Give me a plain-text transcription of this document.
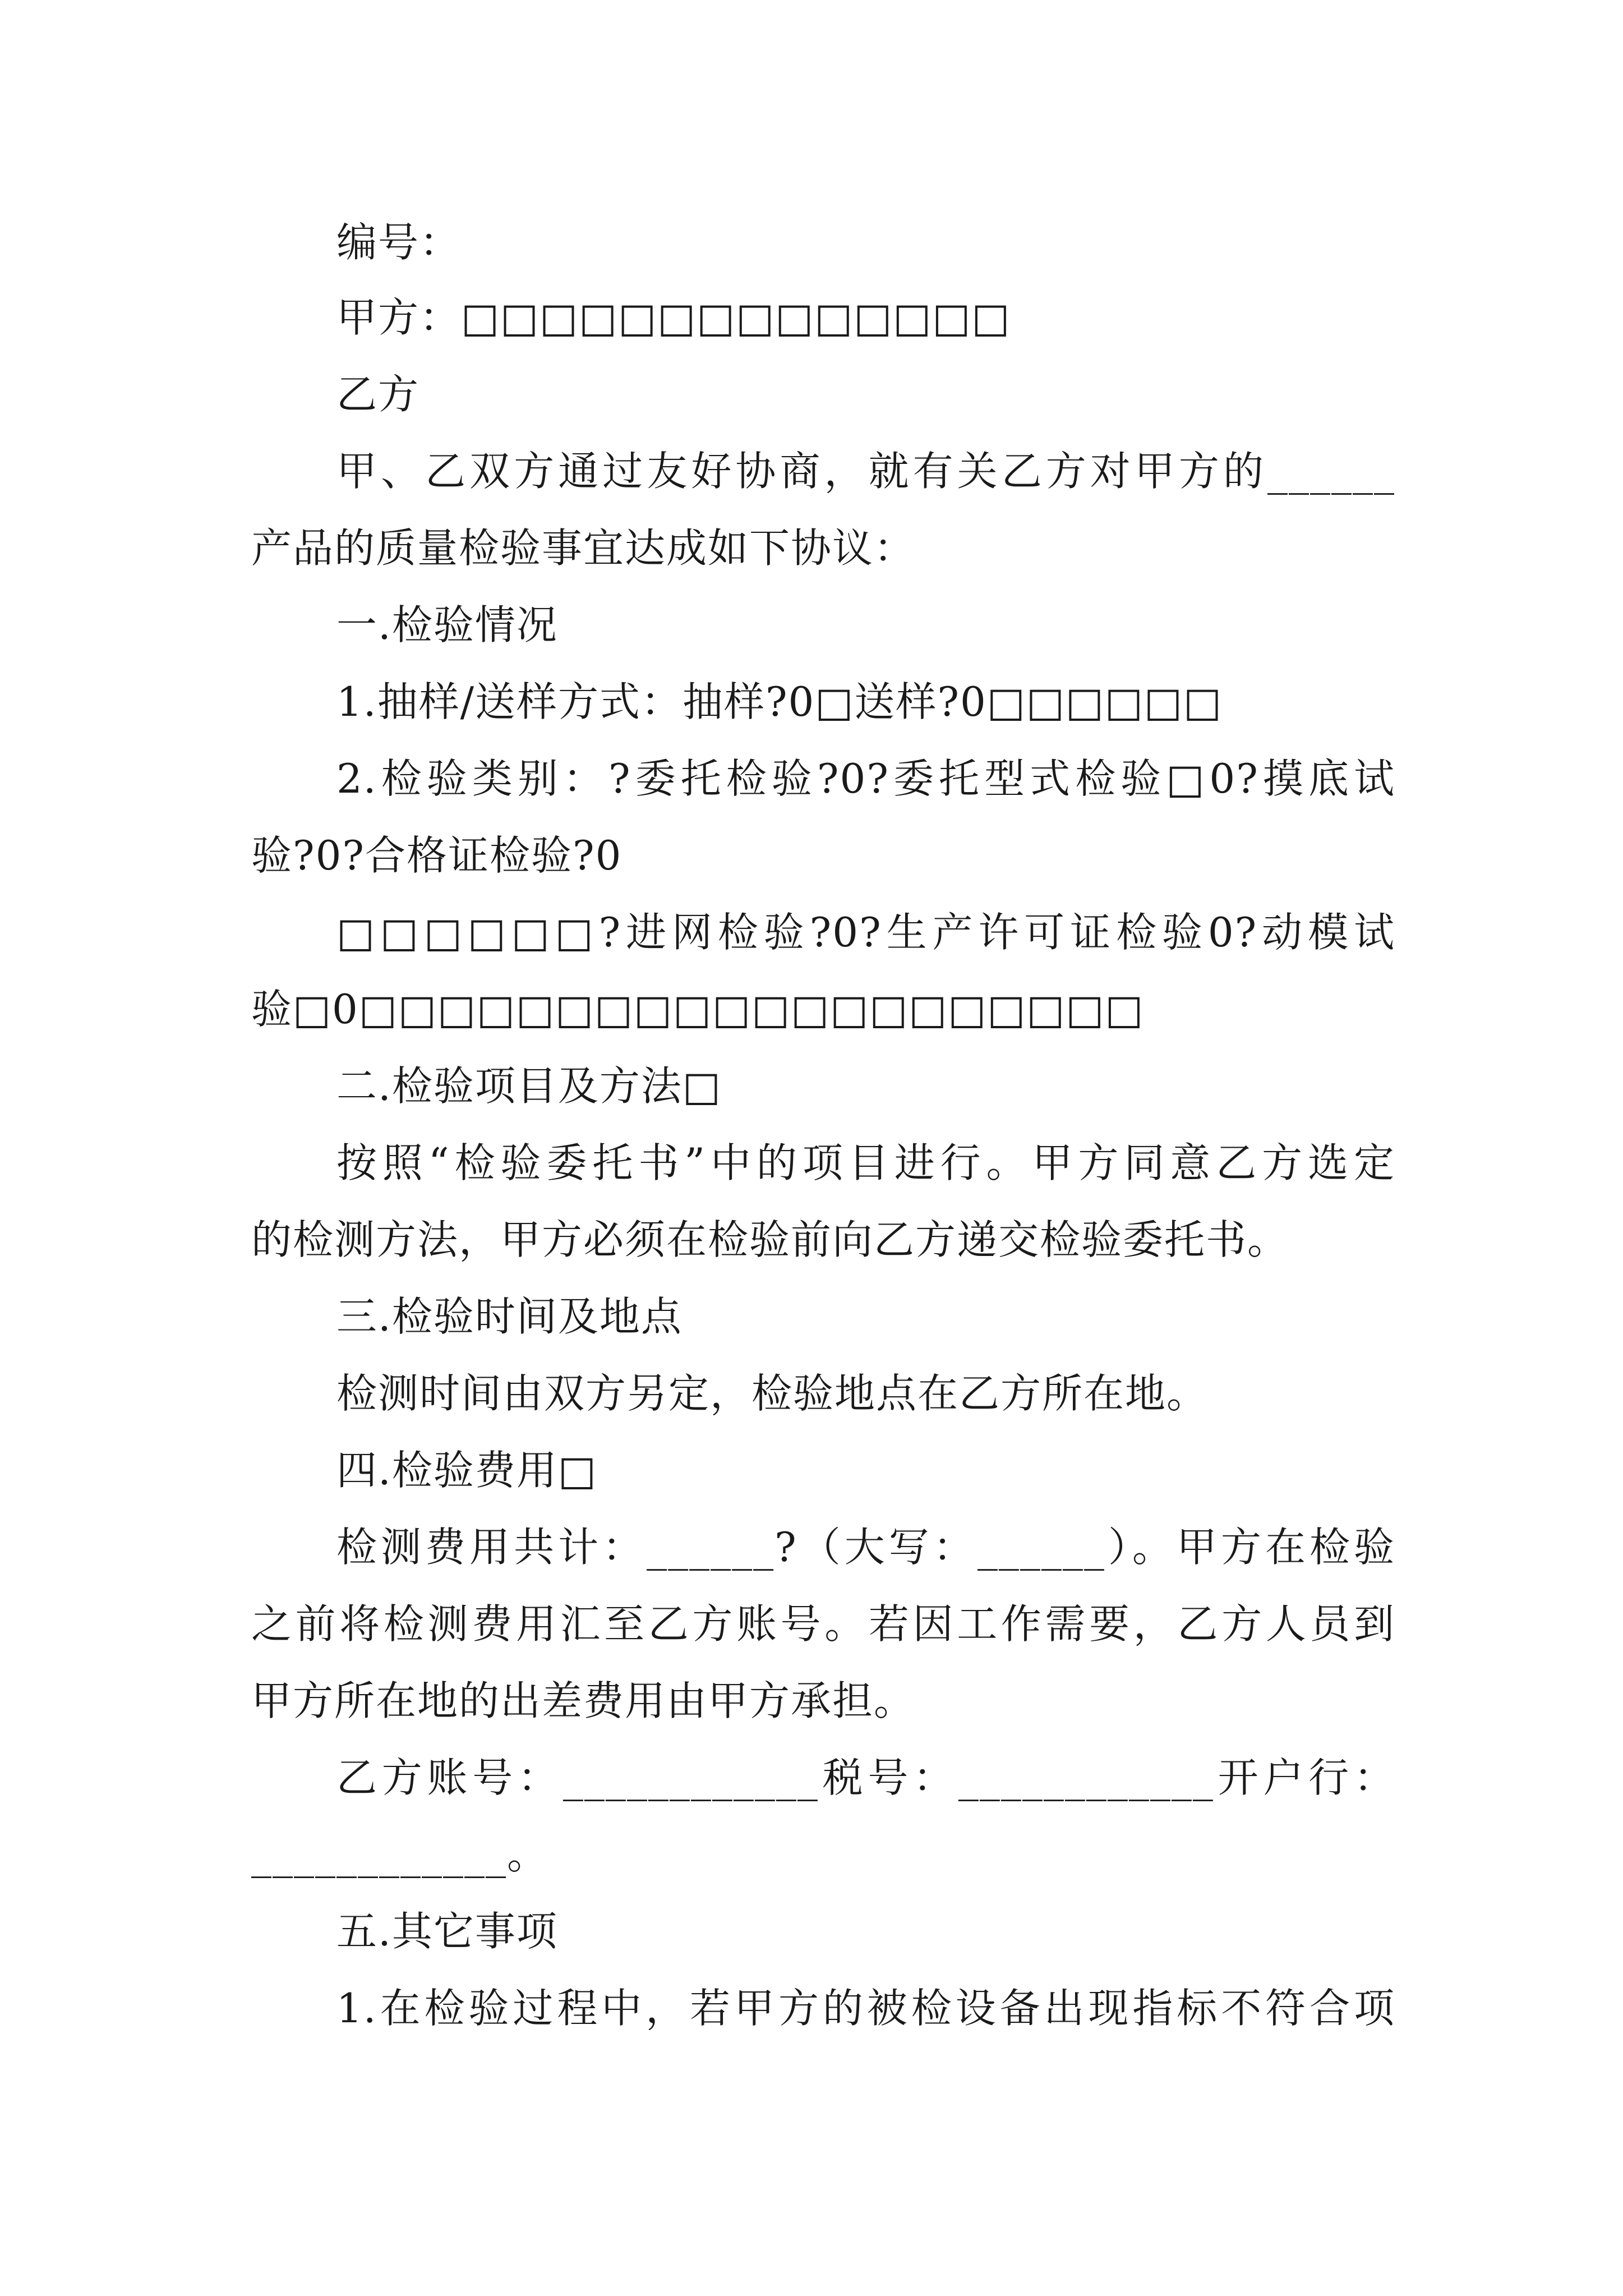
编号：
甲方：□□□□□□□□□□□□□□
乙方
甲、乙双方通过友好协商，就有关乙方对甲方的______
产品的质量检验事宜达成如下协议：
一.检验情况
1.抽样/送样方式：抽样?0□送样?0□□□□□□
2.检验类别：?委托检验?0?委托型式检验□0?摸底试
验?0?合格证检验?0
□□□□□□?进网检验?0?生产许可证检验0?动模试
验□0□□□□□□□□□□□□□□□□□□□□
二.检验项目及方法□
按照“检验委托书”中的项目进行。甲方同意乙方选定
的检测方法，甲方必须在检验前向乙方递交检验委托书。
三.检验时间及地点
检测时间由双方另定，检验地点在乙方所在地。
四.检验费用□
检测费用共计：______?（大写：______）。甲方在检验
之前将检测费用汇至乙方账号。若因工作需要，乙方人员到
甲方所在地的出差费用由甲方承担。
乙方账号：____________税号：____________开户行：
____________。
五.其它事项
1.在检验过程中，若甲方的被检设备出现指标不符合项
